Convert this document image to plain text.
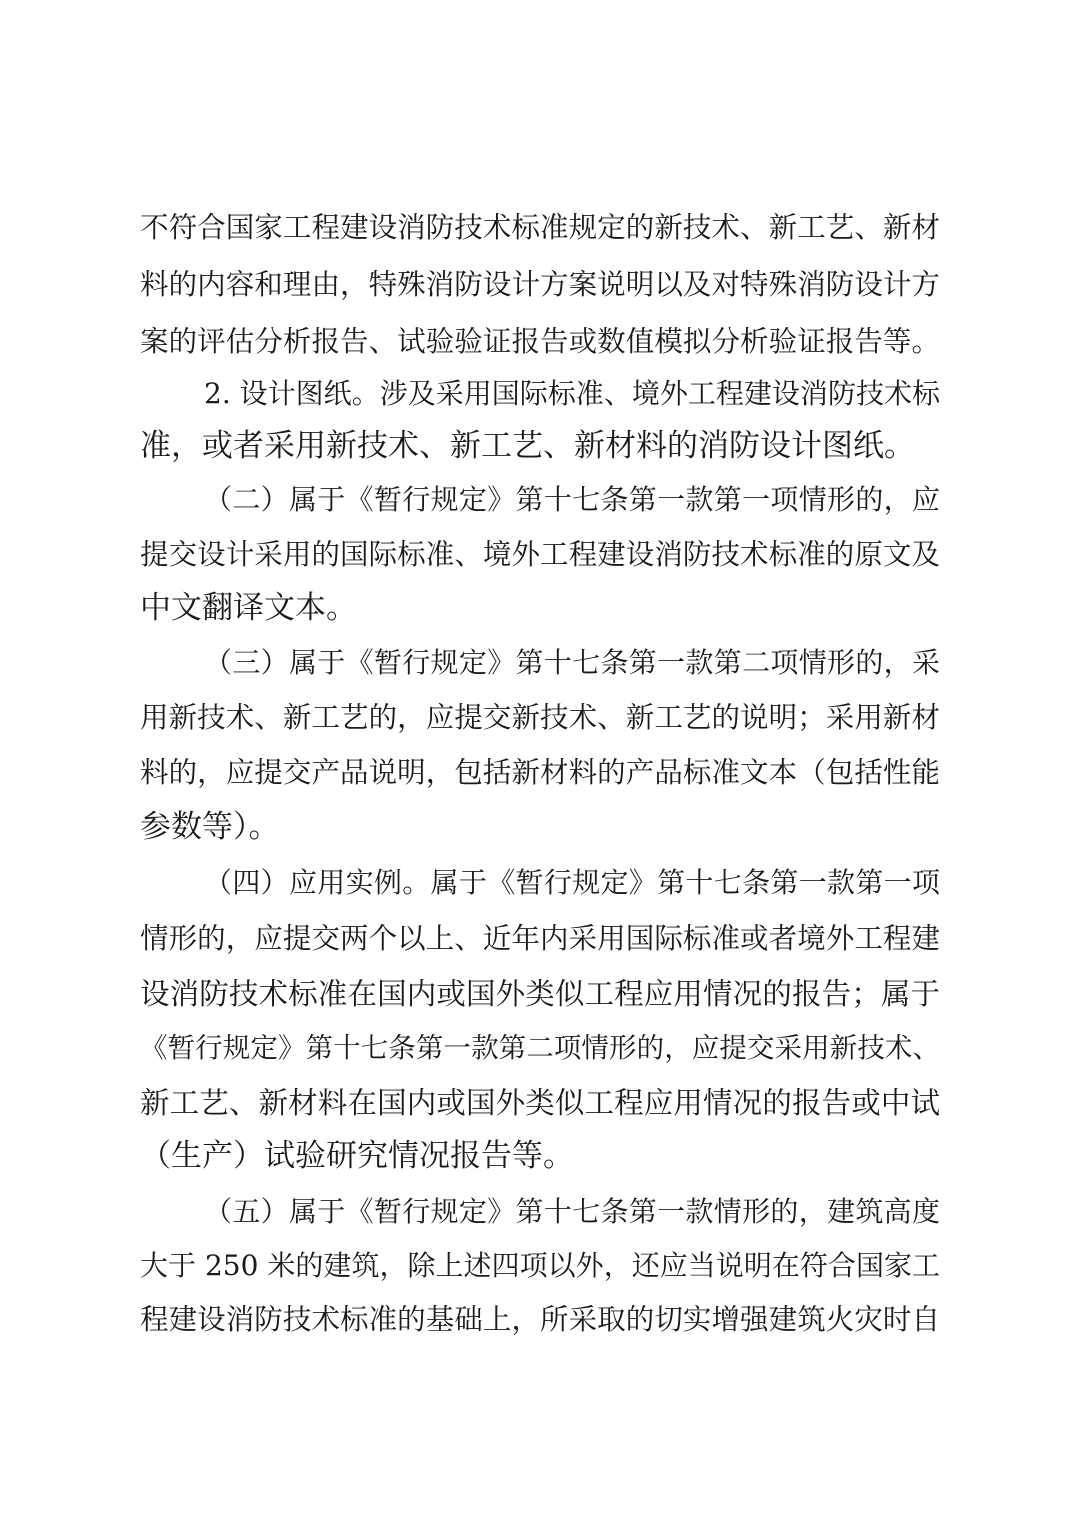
不符合国家工程建设消防技术标准规定的新技术、新工艺、新材
料的内容和理由，特殊消防设计方案说明以及对特殊消防设计方
案的评估分析报告、试验验证报告或数值模拟分析验证报告等。
2. 设计图纸。涉及采用国际标准、境外工程建设消防技术标
准，或者采用新技术、新工艺、新材料的消防设计图纸。
（二）属于《暂行规定》第十七条第一款第一项情形的，应
提交设计采用的国际标准、境外工程建设消防技术标准的原文及
中文翻译文本。
（三）属于《暂行规定》第十七条第一款第二项情形的，采
用新技术、新工艺的，应提交新技术、新工艺的说明；采用新材
料的，应提交产品说明，包括新材料的产品标准文本（包括性能
参数等）。
（四）应用实例。属于《暂行规定》第十七条第一款第一项
情形的，应提交两个以上、近年内采用国际标准或者境外工程建
设消防技术标准在国内或国外类似工程应用情况的报告；属于
《暂行规定》第十七条第一款第二项情形的，应提交采用新技术、
新工艺、新材料在国内或国外类似工程应用情况的报告或中试
（生产）试验研究情况报告等。
（五）属于《暂行规定》第十七条第一款情形的，建筑高度
大于 250 米的建筑，除上述四项以外，还应当说明在符合国家工
程建设消防技术标准的基础上，所采取的切实增强建筑火灾时自
